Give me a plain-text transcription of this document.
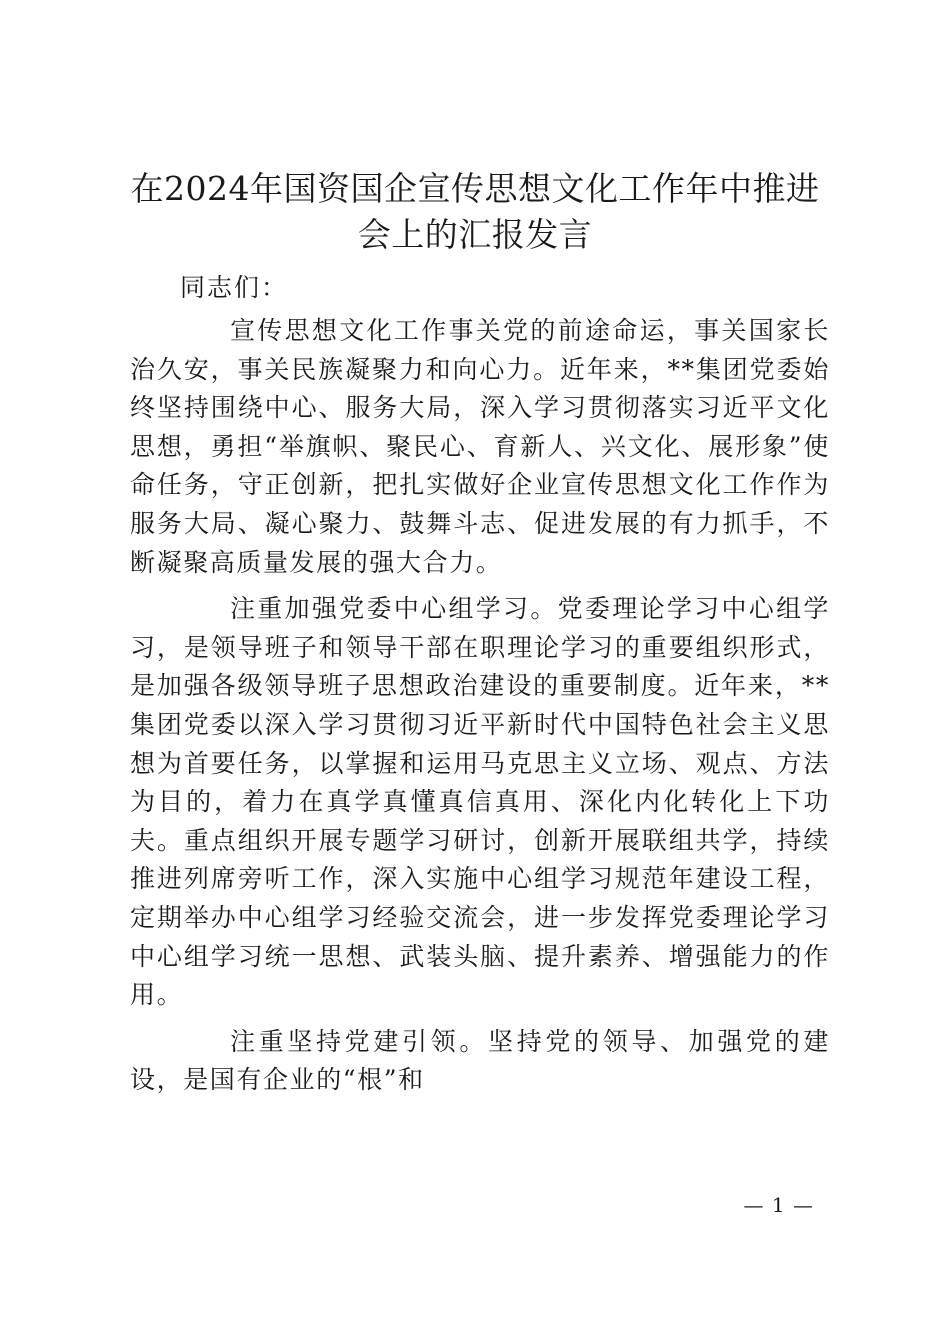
在2024年国资国企宣传思想文化工作年中推进会上的汇报发言

同志们：

宣传思想文化工作事关党的前途命运，事关国家长治久安，事关民族凝聚力和向心力。近年来，**集团党委始终坚持围绕中心、服务大局，深入学习贯彻落实习近平文化思想，勇担“举旗帜、聚民心、育新人、兴文化、展形象”使命任务，守正创新，把扎实做好企业宣传思想文化工作作为服务大局、凝心聚力、鼓舞斗志、促进发展的有力抓手，不断凝聚高质量发展的强大合力。

注重加强党委中心组学习。党委理论学习中心组学习，是领导班子和领导干部在职理论学习的重要组织形式，是加强各级领导班子思想政治建设的重要制度。近年来，**集团党委以深入学习贯彻习近平新时代中国特色社会主义思想为首要任务，以掌握和运用马克思主义立场、观点、方法为目的，着力在真学真懂真信真用、深化内化转化上下功夫。重点组织开展专题学习研讨，创新开展联组共学，持续推进列席旁听工作，深入实施中心组学习规范年建设工程，定期举办中心组学习经验交流会，进一步发挥党委理论学习中心组学习统一思想、武装头脑、提升素养、增强能力的作用。

注重坚持党建引领。坚持党的领导、加强党的建设，是国有企业的“根”和

— 1 —
